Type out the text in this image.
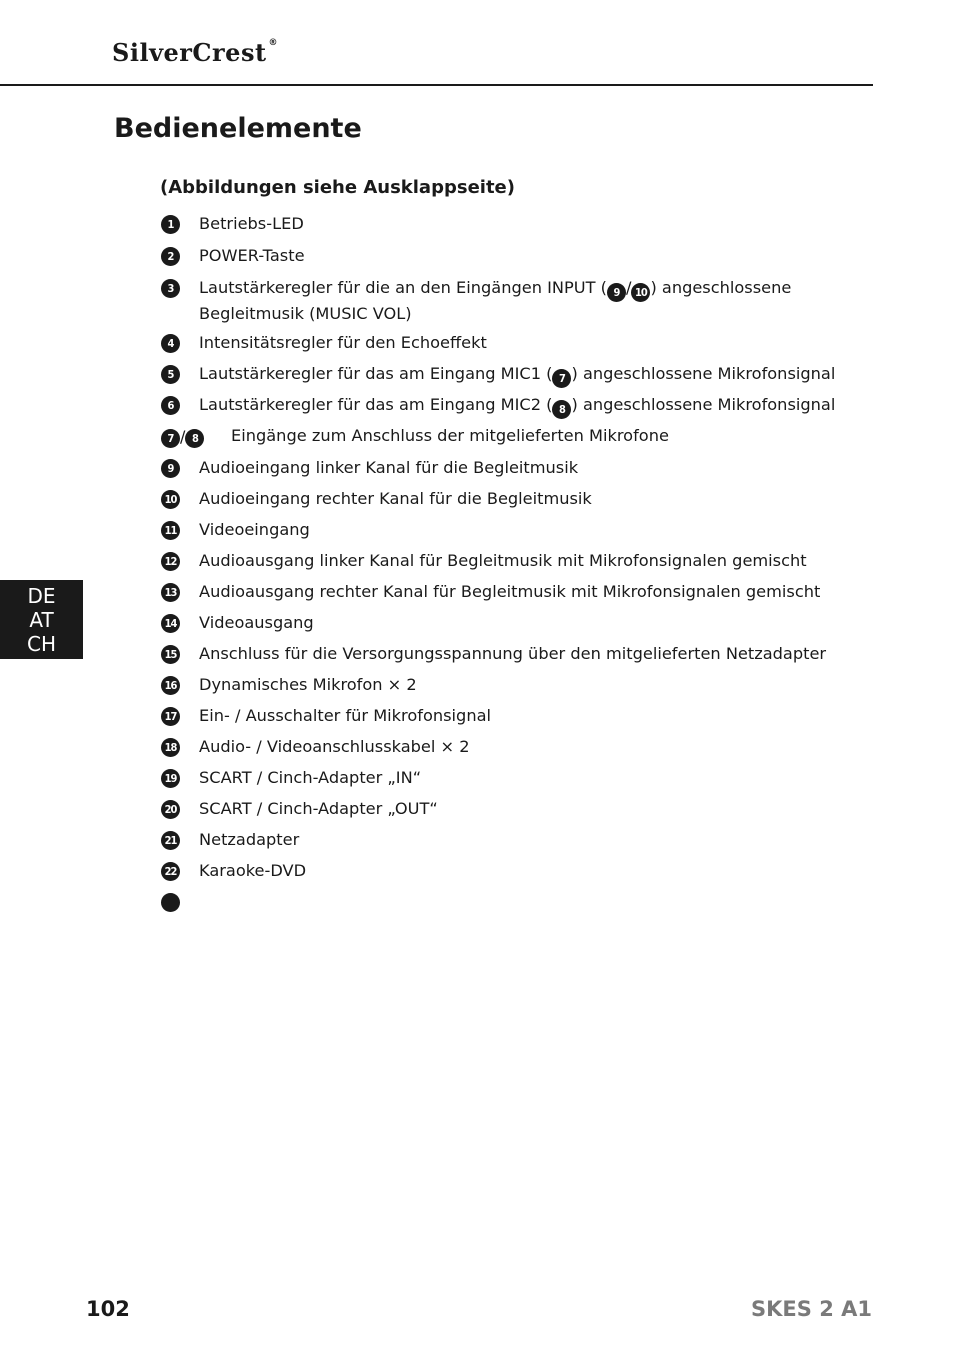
SilverCrest ®
Bedienelemente
(Abbildungen siehe Ausklappseite)
1	Betriebs-LED
2	POWER-Taste
3	Lautstärkeregler für die an den Eingängen INPUT ( 9 / 10 ) angeschlossene Begleitmusik (MUSIC VOL)
4	Intensitätsregler für den Echoeffekt
5	Lautstärkeregler für das am Eingang MIC1 ( 7 ) angeschlossene Mikrofonsignal
6	Lautstärkeregler für das am Eingang MIC2 ( 8 ) angeschlossene Mikrofonsignal
7 / 8	Eingänge zum Anschluss der mitgelieferten Mikrofone
9	Audioeingang linker Kanal für die Begleitmusik
10 Audioeingang rechter Kanal für die Begleitmusik
11 Videoeingang
12 Audioausgang linker Kanal für Begleitmusik mit Mikrofonsignalen gemischt
13 Audioausgang rechter Kanal für Begleitmusik mit Mikrofonsignalen gemischt
14 Videoausgang
15 Anschluss für die Versorgungsspannung über den mitgelieferten Netzadapter
16 Dynamisches Mikrofon × 2
17 Ein- / Ausschalter für Mikrofonsignal
18 Audio- / Videoanschlusskabel × 2
19 SCART / Cinch-Adapter „IN“
20 SCART / Cinch-Adapter „OUT“
21 Netzadapter
22 Karaoke-DVD
DE
AT
CH
102	SKES 2 A1
